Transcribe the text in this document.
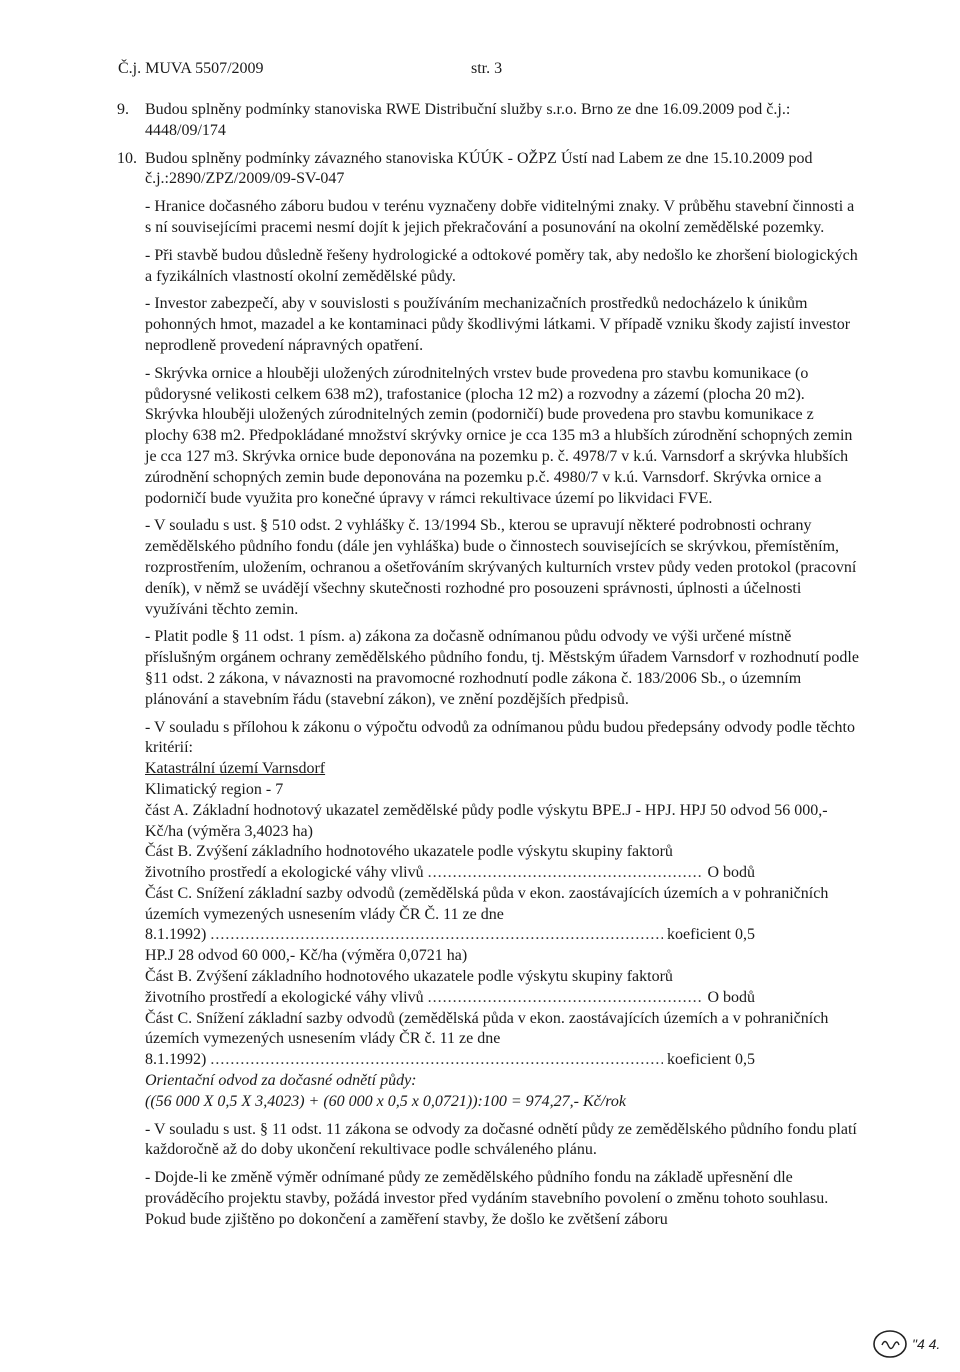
Č.j. MUVA 5507/2009	str. 3
9. Budou splněny podmínky stanoviska RWE Distribuční služby s.r.o. Brno ze dne 16.09.2009 pod č.j.: 4448/09/174
10. Budou splněny podmínky závazného stanoviska KÚÚK - OŽPZ Ústí nad Labem ze dne 15.10.2009 pod č.j.:2890/ZPZ/2009/09-SV-047
- Hranice dočasného záboru budou v terénu vyznačeny dobře viditelnými znaky. V průběhu stavební činnosti a s ní souvisejícími pracemi nesmí dojít k jejich překračování a posunování na okolní zemědělské pozemky.
- Při stavbě budou důsledně řešeny hydrologické a odtokové poměry tak, aby nedošlo ke zhoršení biologických a fyzikálních vlastností okolní zemědělské půdy.
- Investor zabezpečí, aby v souvislosti s používáním mechanizačních prostředků nedocházelo k únikům pohonných hmot, mazadel a ke kontaminaci půdy škodlivými látkami. V případě vzniku škody zajistí investor neprodleně provedení nápravných opatření.
- Skrývka ornice a hlouběji uložených zúrodnitelných vrstev bude provedena pro stavbu komunikace (o půdorysné velikosti celkem 638 m2), trafostanice (plocha 12 m2) a rozvodny a zázemí (plocha 20 m2). Skrývka hlouběji uložených zúrodnitelných zemin (podorničí) bude provedena pro stavbu komunikace z plochy 638 m2. Předpokládané množství skrývky ornice je cca 135 m3 a hlubších zúrodnění schopných zemin je cca 127 m3. Skrývka ornice bude deponována na pozemku p. č. 4978/7 v k.ú. Varnsdorf a skrývka hlubších zúrodnění schopných zemin bude deponována na pozemku p.č. 4980/7 v k.ú. Varnsdorf. Skrývka ornice a podorničí bude využita pro konečné úpravy v rámci rekultivace území po likvidaci FVE.
- V souladu s ust. § 510 odst. 2 vyhlášky č. 13/1994 Sb., kterou se upravují některé podrobnosti ochrany zemědělského půdního fondu (dále jen vyhláška) bude o činnostech souvisejících se skrývkou, přemístěním, rozprostřením, uložením, ochranou a ošetřováním skrývaných kulturních vrstev půdy veden protokol (pracovní deník), v němž se uvádějí všechny skutečnosti rozhodné pro posouzeni správnosti, úplnosti a účelnosti využíváni těchto zemin.
- Platit podle § 11 odst. 1 písm. a) zákona za dočasně odnímanou půdu odvody ve výši určené místně příslušným orgánem ochrany zemědělského půdního fondu, tj. Městským úřadem Varnsdorf v rozhodnutí podle §11 odst. 2 zákona, v návaznosti na pravomocné rozhodnutí podle zákona č. 183/2006 Sb., o územním plánování a stavebním řádu (stavební zákon), ve znění pozdějších předpisů.
- V souladu s přílohou k zákonu o výpočtu odvodů za odnímanou půdu budou předepsány odvody podle těchto kritérií:
Katastrální území Varnsdorf
Klimatický region - 7
část A. Základní hodnotový ukazatel zemědělské půdy podle výskytu BPE.J - HPJ. HPJ 50 odvod 56 000,- Kč/ha (výměra 3,4023 ha)
Část B. Zvýšení základního hodnotového ukazatele podle výskytu skupiny faktorů
životního prostředí a ekologické váhy vlivů .....	O bodů
Část C. Snížení základní sazby odvodů (zemědělská půda v ekon. zaostávajících územích a v pohraničních územích vymezených usnesením vlády ČR Č. 11 ze dne
8.1.1992) .....	koeficient 0,5
HP.J 28 odvod 60 000,- Kč/ha (výměra 0,0721 ha)
Část B. Zvýšení základního hodnotového ukazatele podle výskytu skupiny faktorů
životního prostředí a ekologické váhy vlivů .....	O bodů
Část C. Snížení základní sazby odvodů (zemědělská půda v ekon. zaostávajících územích a v pohraničních územích vymezených usnesením vlády ČR č. 11 ze dne
8.1.1992) .....	koeficient 0,5
Orientační odvod za dočasné odnětí půdy:
((56 000 X 0,5 X 3,4023) + (60 000 x 0,5 x 0,0721)):100 = 974,27,- Kč/rok
- V souladu s ust. § 11 odst. 11 zákona se odvody za dočasné odnětí půdy ze zemědělského půdního fondu platí každoročně až do doby ukončení rekultivace podle schváleného plánu.
- Dojde-li ke změně výměr odnímané půdy ze zemědělského půdního fondu na základě upřesnění dle prováděcího projektu stavby, požádá investor před vydáním stavebního povolení o změnu tohoto souhlasu. Pokud bude zjištěno po dokončení a zaměření stavby, že došlo ke zvětšení záboru
"4 4.
